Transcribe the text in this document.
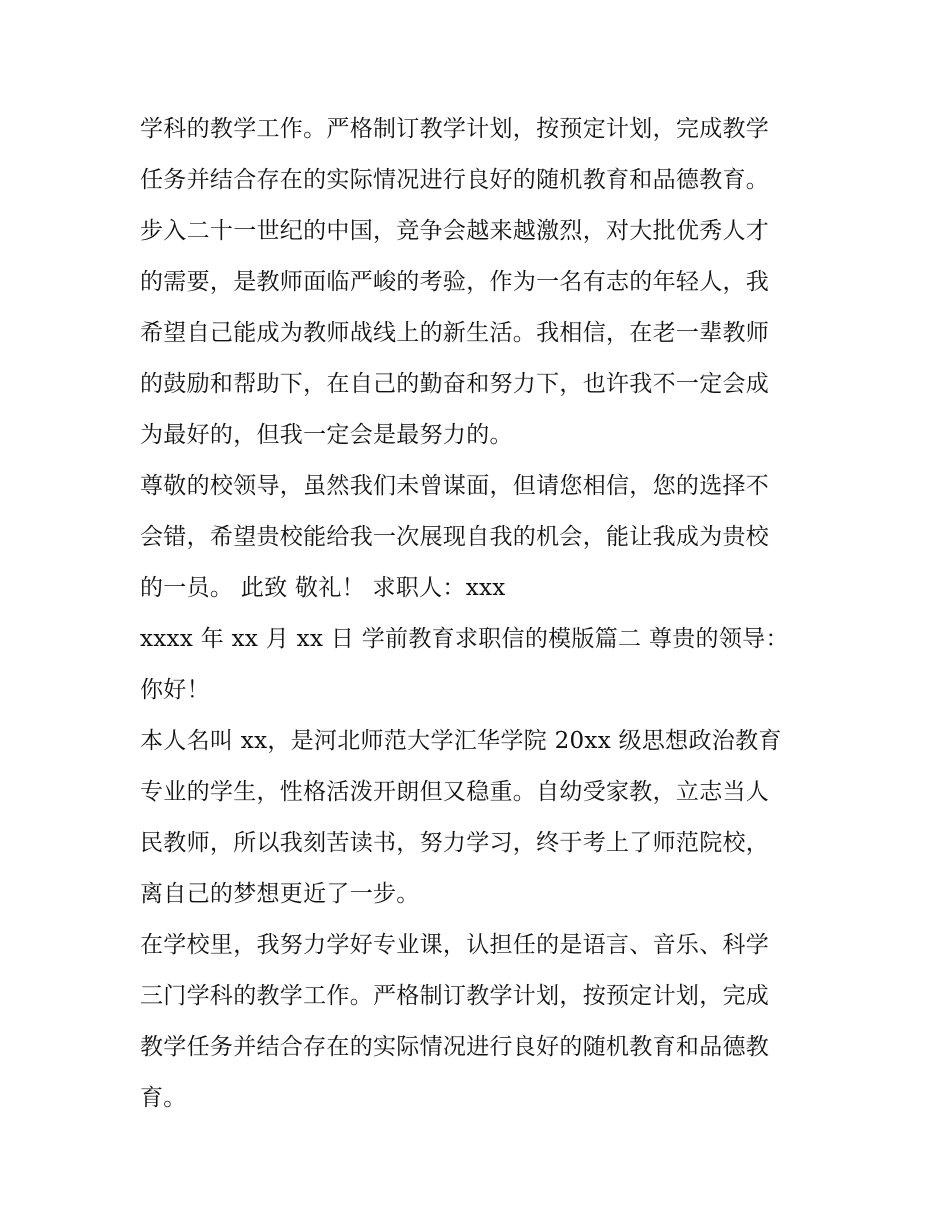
学科的教学工作。严格制订教学计划，按预定计划，完成教学
任务并结合存在的实际情况进行良好的随机教育和品德教育。
步入二十一世纪的中国，竞争会越来越激烈，对大批优秀人才
的需要，是教师面临严峻的考验，作为一名有志的年轻人，我
希望自己能成为教师战线上的新生活。我相信，在老一辈教师
的鼓励和帮助下，在自己的勤奋和努力下，也许我不一定会成
为最好的，但我一定会是最努力的。
尊敬的校领导，虽然我们未曾谋面，但请您相信，您的选择不
会错，希望贵校能给我一次展现自我的机会，能让我成为贵校
的一员。 此致 敬礼！ 求职人：xxx
xxxx 年 xx 月 xx 日 学前教育求职信的模版篇二 尊贵的领导：
你好！
本人名叫 xx，是河北师范大学汇华学院 20xx 级思想政治教育
专业的学生，性格活泼开朗但又稳重。自幼受家教，立志当人
民教师，所以我刻苦读书，努力学习，终于考上了师范院校，
离自己的梦想更近了一步。
在学校里，我努力学好专业课，认担任的是语言、音乐、科学
三门学科的教学工作。严格制订教学计划，按预定计划，完成
教学任务并结合存在的实际情况进行良好的随机教育和品德教
育。
